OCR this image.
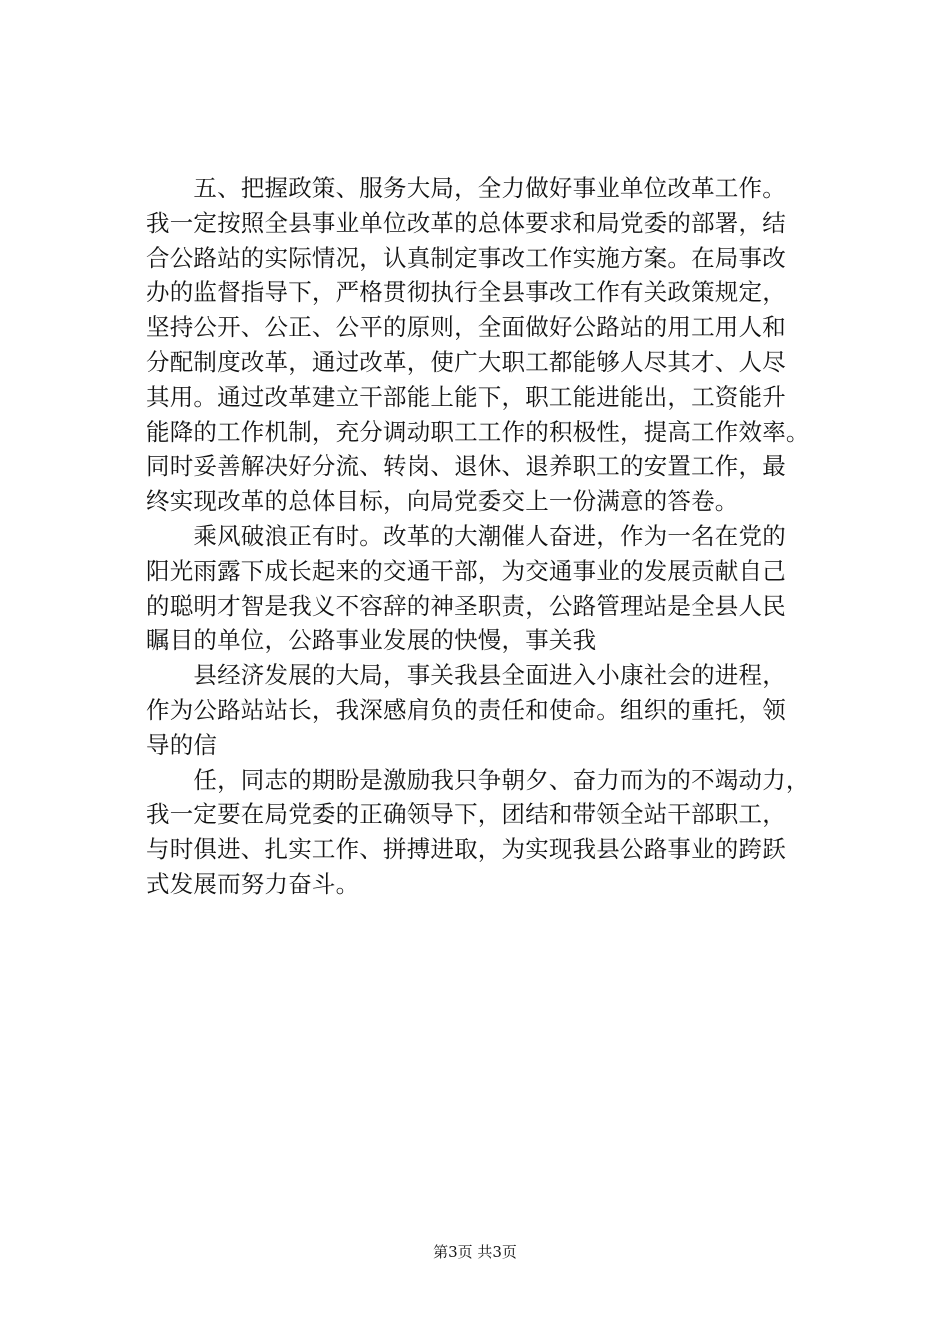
　　五、把握政策、服务大局，全力做好事业单位改革工作。
我一定按照全县事业单位改革的总体要求和局党委的部署，结
合公路站的实际情况，认真制定事改工作实施方案。在局事改
办的监督指导下，严格贯彻执行全县事改工作有关政策规定，
坚持公开、公正、公平的原则，全面做好公路站的用工用人和
分配制度改革，通过改革，使广大职工都能够人尽其才、人尽
其用。通过改革建立干部能上能下，职工能进能出，工资能升
能降的工作机制，充分调动职工工作的积极性，提高工作效率。
同时妥善解决好分流、转岗、退休、退养职工的安置工作，最
终实现改革的总体目标，向局党委交上一份满意的答卷。
　　乘风破浪正有时。改革的大潮催人奋进，作为一名在党的
阳光雨露下成长起来的交通干部，为交通事业的发展贡献自己
的聪明才智是我义不容辞的神圣职责，公路管理站是全县人民
瞩目的单位，公路事业发展的快慢，事关我
　　县经济发展的大局，事关我县全面进入小康社会的进程，
作为公路站站长，我深感肩负的责任和使命。组织的重托，领
导的信
　　任，同志的期盼是激励我只争朝夕、奋力而为的不竭动力，
我一定要在局党委的正确领导下，团结和带领全站干部职工，
与时俱进、扎实工作、拼搏进取，为实现我县公路事业的跨跃
式发展而努力奋斗。
第3页 共3页
